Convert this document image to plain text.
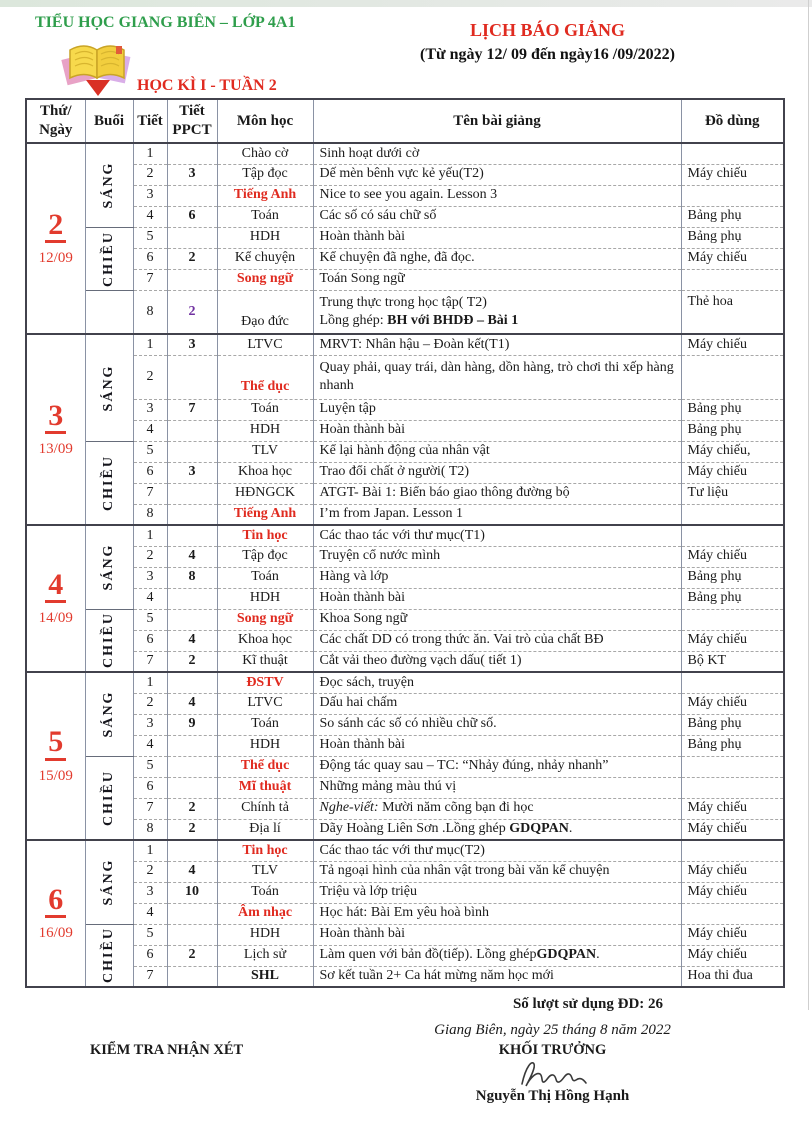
TIỂU HỌC GIANG BIÊN – LỚP 4A1	LỊCH BÁO GIẢNG
(Từ ngày 12/ 09 đến ngày16 /09/2022)
HỌC KÌ I - TUẦN 2
Thứ/
Ngày
	Buổi	Tiết	
Tiết
PPCT
	Môn học	Tên bài giảng	Đồ dùng

2
12/09	SÁNG	1		Chào cờ	Sinh hoạt dưới cờ	

		2	3	Tập đọc	Dế mèn bênh vực kẻ yếu(T2)	Máy chiếu
		3		Tiếng Anh	Nice to see you again. Lesson 3	

		4	6	Toán	Các số có sáu chữ số	Bảng phụ

	CHIỀU	5		HDH	Hoàn thành bài	Bảng phụ
		6	2	Kể chuyện	Kể chuyện đã nghe, đã đọc.	Máy chiếu
		7		Song ngữ	Toán Song ngữ	

		8	2	Đạo đức	Trung thực trong học tập( T2)
Lồng ghép: BH với BHDĐ – Bài 1	Thẻ hoa

3
13/09	SÁNG	1	3	LTVC	MRVT: Nhân hậu – Đoàn kết(T1)	Máy chiếu
		2		Thể dục	Quay phải, quay trái, dàn hàng, dồn hàng, trò chơi thi xếp hàng nhanh	

		3	7	Toán	Luyện tập	Bảng phụ
		4		HDH	Hoàn thành bài	Bảng phụ

	CHIỀU	5		TLV	Kể lại hành động của nhân vật	Máy chiếu,
		6	3	Khoa học	Trao đổi chất ở người( T2)	Máy chiếu
		7		HĐNGCK	ATGT- Bài 1: Biển báo giao thông đường bộ	Tư liệu
		8		Tiếng Anh	I’m from Japan. Lesson 1	

4
14/09	SÁNG	1		Tin học	Các thao tác với thư mục(T1)	

		2	4	Tập đọc	Truyện cổ nước mình	Máy chiếu
		3	8	Toán	Hàng và lớp	Bảng phụ
		4		HDH	Hoàn thành bài	Bảng phụ

	CHIỀU	5		Song ngữ	Khoa Song ngữ	

		6	4	Khoa học	Các chất DD có trong thức ăn. Vai trò của chất BĐ	Máy chiếu
		7	2	Kĩ thuật	Cắt vải theo đường vạch dấu( tiết 1)	Bộ KT

5
15/09	SÁNG	1		ĐSTV	Đọc sách, truyện	

		2	4	LTVC	Dấu hai chấm	Máy chiếu
		3	9	Toán	So sánh các số có nhiều chữ số.	Bảng phụ
		4		HDH	Hoàn thành bài	Bảng phụ

	CHIỀU	5		Thể dục	Động tác quay sau – TC: “Nhảy đúng, nhảy nhanh”	

		6		Mĩ thuật	Những mảng màu thú vị	

		7	2	Chính tả	Nghe-viết: Mười năm cõng bạn đi học	Máy chiếu
		8	2	Địa lí	Dãy Hoàng Liên Sơn .Lồng ghép GDQPAN.	Máy chiếu

6
16/09	SÁNG	1		Tin học	Các thao tác với thư mục(T2)	

		2	4	TLV	Tả ngoại hình của nhân vật trong bài văn kể chuyện	Máy chiếu
		3	10	Toán	Triệu và lớp triệu	Máy chiếu
		4		Âm nhạc	Học hát: Bài Em yêu hoà bình	

	CHIỀU	5		HDH	Hoàn thành bài	Máy chiếu
		6	2	Lịch sử	Làm quen với bản đồ(tiếp). Lồng ghépGDQPAN.	Máy chiếu
		7		SHL	Sơ kết tuần 2+ Ca hát mừng năm học mới	Hoa thi đua
Số lượt sử dụng ĐD: 26
Giang Biên, ngày 25 tháng 8 năm 2022
KIỂM TRA NHẬN XÉT	KHỐI TRƯỞNG
Nguyễn Thị Hồng Hạnh
